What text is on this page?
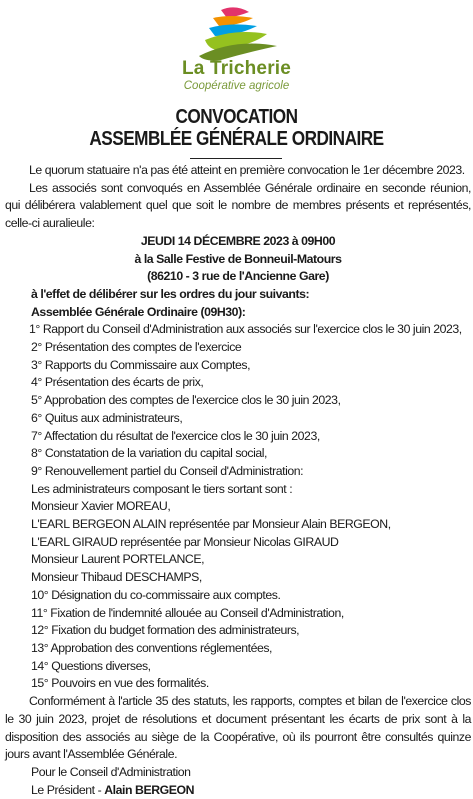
La Tricherie
Coopérative agricole
CONVOCATION
ASSEMBLÉE GÉNÉRALE ORDINAIRE

Le quorum statuaire n'a pas été atteint en première convocation le 1er décembre 2023.

Les associés sont convoqués en Assemblée Générale ordinaire en seconde réunion, qui délibérera valablement quel que soit le nombre de membres présents et représentés, celle-ci auralieule:

JEUDI 14 DÉCEMBRE 2023 à 09H00

à la Salle Festive de Bonneuil-Matours

(86210 - 3 rue de l'Ancienne Gare)

à l'effet de délibérer sur les ordres du jour suivants:

Assemblée Générale Ordinaire (09H30):

1° Rapport du Conseil d'Administration aux associés sur l'exercice clos le 30 juin 2023,

2° Présentation des comptes de l'exercice

3° Rapports du Commissaire aux Comptes,

4° Présentation des écarts de prix,

5° Approbation des comptes de l'exercice clos le 30 juin 2023,

6° Quitus aux administrateurs,

7° Affectation du résultat de l'exercice clos le 30 juin 2023,

8° Constatation de la variation du capital social,

9° Renouvellement partiel du Conseil d'Administration:

Les administrateurs composant le tiers sortant sont :

Monsieur Xavier MOREAU,

L'EARL BERGEON ALAIN représentée par Monsieur Alain BERGEON,

L'EARL GIRAUD représentée par Monsieur Nicolas GIRAUD

Monsieur Laurent PORTELANCE,

Monsieur Thibaud DESCHAMPS,

10° Désignation du co-commissaire aux comptes.

11° Fixation de l'indemnité allouée au Conseil d'Administration,

12° Fixation du budget formation des administrateurs,

13° Approbation des conventions réglementées,

14° Questions diverses,

15° Pouvoirs en vue des formalités.

Conformément à l'article 35 des statuts, les rapports, comptes et bilan de l'exercice clos le 30 juin 2023, projet de résolutions et document présentant les écarts de prix sont à la disposition des associés au siège de la Coopérative, où ils pourront être consultés quinze jours avant l'Assemblée Générale.

Pour le Conseil d'Administration

Le Président - Alain BERGEON
